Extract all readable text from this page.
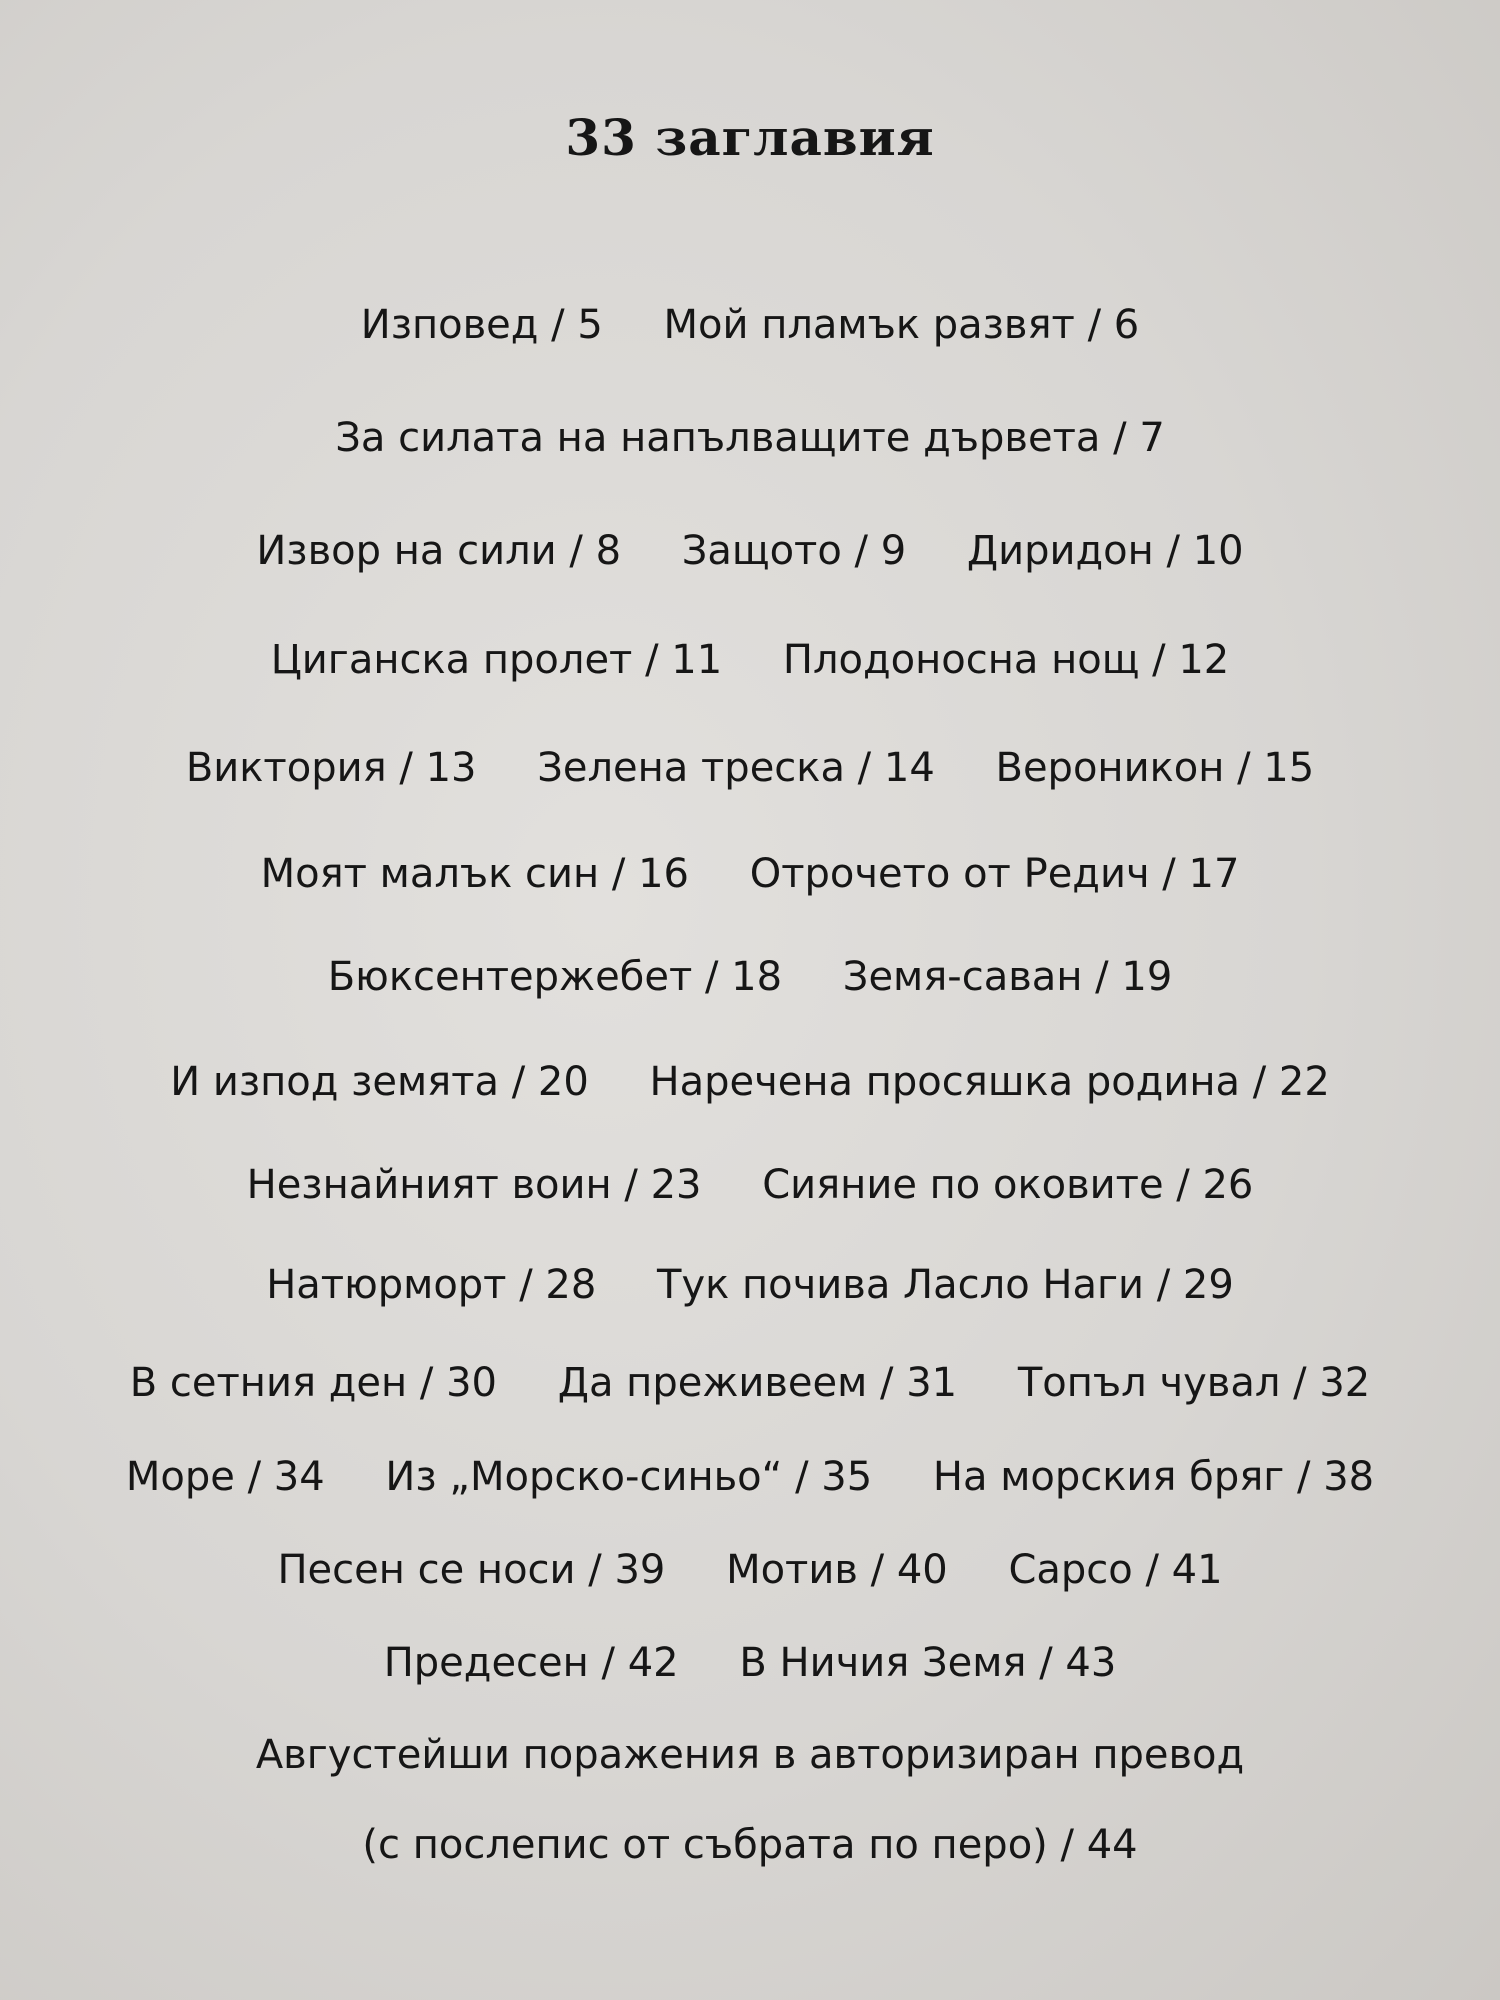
33 заглавия
Изповед / 5 Мой пламък развят / 6
За силата на напълващите дървета / 7
Извор на сили / 8 Защото / 9 Диридон / 10
Циганска пролет / 11 Плодоносна нощ / 12
Виктория / 13 Зелена треска / 14 Вероникон / 15
Моят малък син / 16 Отрочето от Редич / 17
Бюксентержебет / 18 Земя-саван / 19
И изпод земята / 20 Наречена просяшка родина / 22
Незнайният воин / 23 Сияние по оковите / 26
Натюрморт / 28 Тук почива Ласло Наги / 29
В сетния ден / 30 Да преживеем / 31 Топъл чувал / 32
Море / 34 Из „Морско-синьо“ / 35 На морския бряг / 38
Песен се носи / 39 Мотив / 40 Сарсо / 41
Предесен / 42 В Ничия Земя / 43
Августейши поражения в авторизиран превод
(с послепис от събрата по перо) / 44
